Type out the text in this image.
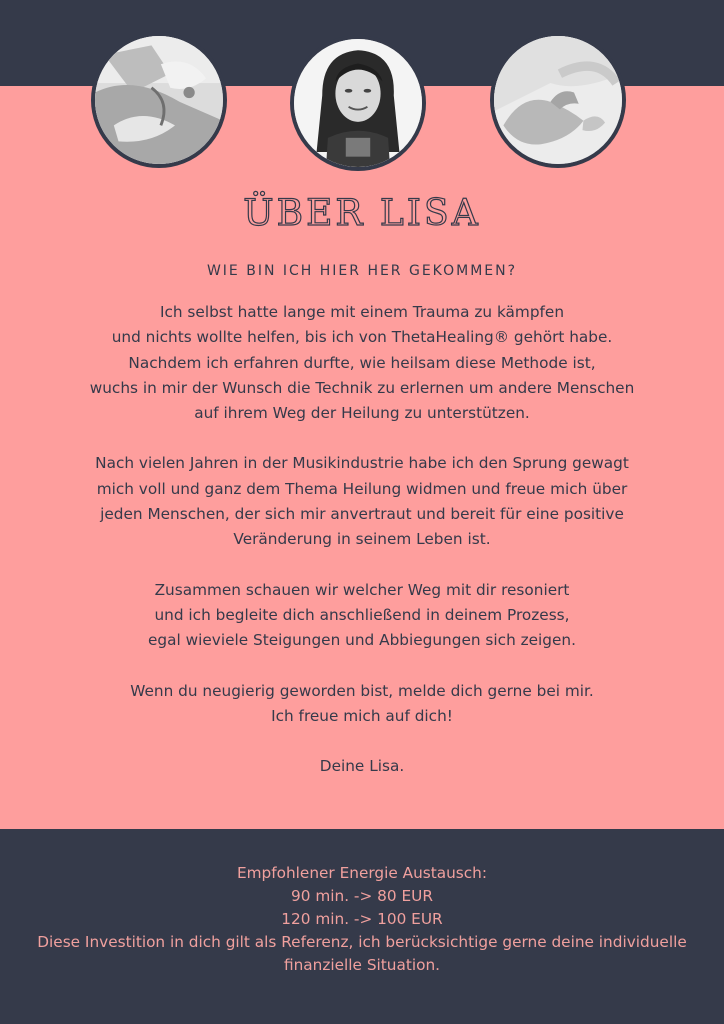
ÜBER LISA
WIE BIN ICH HIER HER GEKOMMEN?

Ich selbst hatte lange mit einem Trauma zu kämpfen
und nichts wollte helfen, bis ich von ThetaHealing® gehört habe.
Nachdem ich erfahren durfte, wie heilsam diese Methode ist,
wuchs in mir der Wunsch die Technik zu erlernen um andere Menschen
auf ihrem Weg der Heilung zu unterstützen.

Nach vielen Jahren in der Musikindustrie habe ich den Sprung gewagt
mich voll und ganz dem Thema Heilung widmen und freue mich über
jeden Menschen, der sich mir anvertraut und bereit für eine positive
Veränderung in seinem Leben ist.

Zusammen schauen wir welcher Weg mit dir resoniert
und ich begleite dich anschließend in deinem Prozess,
egal wieviele Steigungen und Abbiegungen sich zeigen.

Wenn du neugierig geworden bist, melde dich gerne bei mir.
Ich freue mich auf dich!

Deine Lisa.

Empfohlener Energie Austausch:
90 min. -> 80 EUR
120 min. -> 100 EUR
Diese Investition in dich gilt als Referenz, ich berücksichtige gerne deine individuelle
finanzielle Situation.
